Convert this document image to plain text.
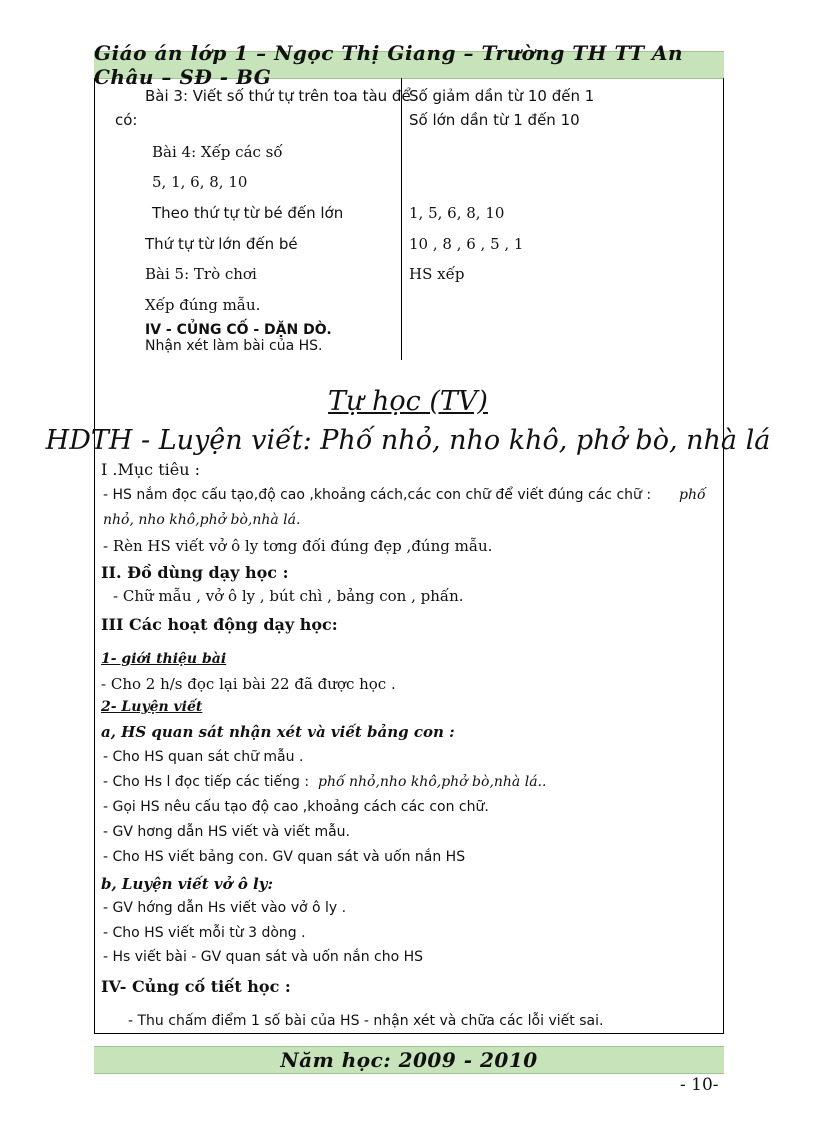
Giáo án lớp 1 – Ngọc Thị Giang – Trường TH TT An Châu – SĐ - BG
Bài 3: Viết số thứ tự trên toa tàu để
có:
Bài 4: Xếp các số
5, 1, 6, 8, 10
Theo thứ tự từ bé đến lớn
Thứ tự từ lớn đến bé
Bài 5: Trò chơi
Xếp đúng mẫu.
IV - CỦNG CỐ - DẶN DÒ.
Nhận xét làm bài của HS.
Số giảm dần từ 10 đến 1
Số lớn dần từ 1 đến 10
1, 5, 6, 8, 10
10 , 8 , 6 , 5 , 1
HS xếp
Tự học (TV)
HDTH - Luyện viết: Phố nhỏ, nho khô, phở bò, nhà lá
I .Mục tiêu :
- HS nắm đọc cấu tạo,độ cao ,khoảng cách,các con chữ để viết đúng các chữ : phố
nhỏ, nho khô,phở bò,nhà lá.
- Rèn HS viết vở ô ly tơng đối đúng đẹp ,đúng mẫu.
II. Đồ dùng dạy học :
- Chữ mẫu , vở ô ly , bút chì , bảng con , phấn.
III Các hoạt động dạy học:
1- giới thiệu bài
- Cho 2 h/s đọc lại bài 22 đã được học .
2- Luyện viết
a, HS quan sát nhận xét và viết bảng con :
- Cho HS quan sát chữ mẫu .
- Cho Hs l đọc tiếp các tiếng : phố nhỏ,nho khô,phở bò,nhà lá..
- Gọi HS nêu cấu tạo độ cao ,khoảng cách các con chữ.
- GV hơng dẫn HS viết và viết mẫu.
- Cho HS viết bảng con. GV quan sát và uốn nắn HS
b, Luyện viết vở ô ly:
- GV hớng dẫn Hs viết vào vở ô ly .
- Cho HS viết mỗi từ 3 dòng .
- Hs viết bài - GV quan sát và uốn nắn cho HS
IV- Củng cố tiết học :
- Thu chấm điểm 1 số bài của HS - nhận xét và chữa các lỗi viết sai.
Năm học: 2009 - 2010
- 10-
